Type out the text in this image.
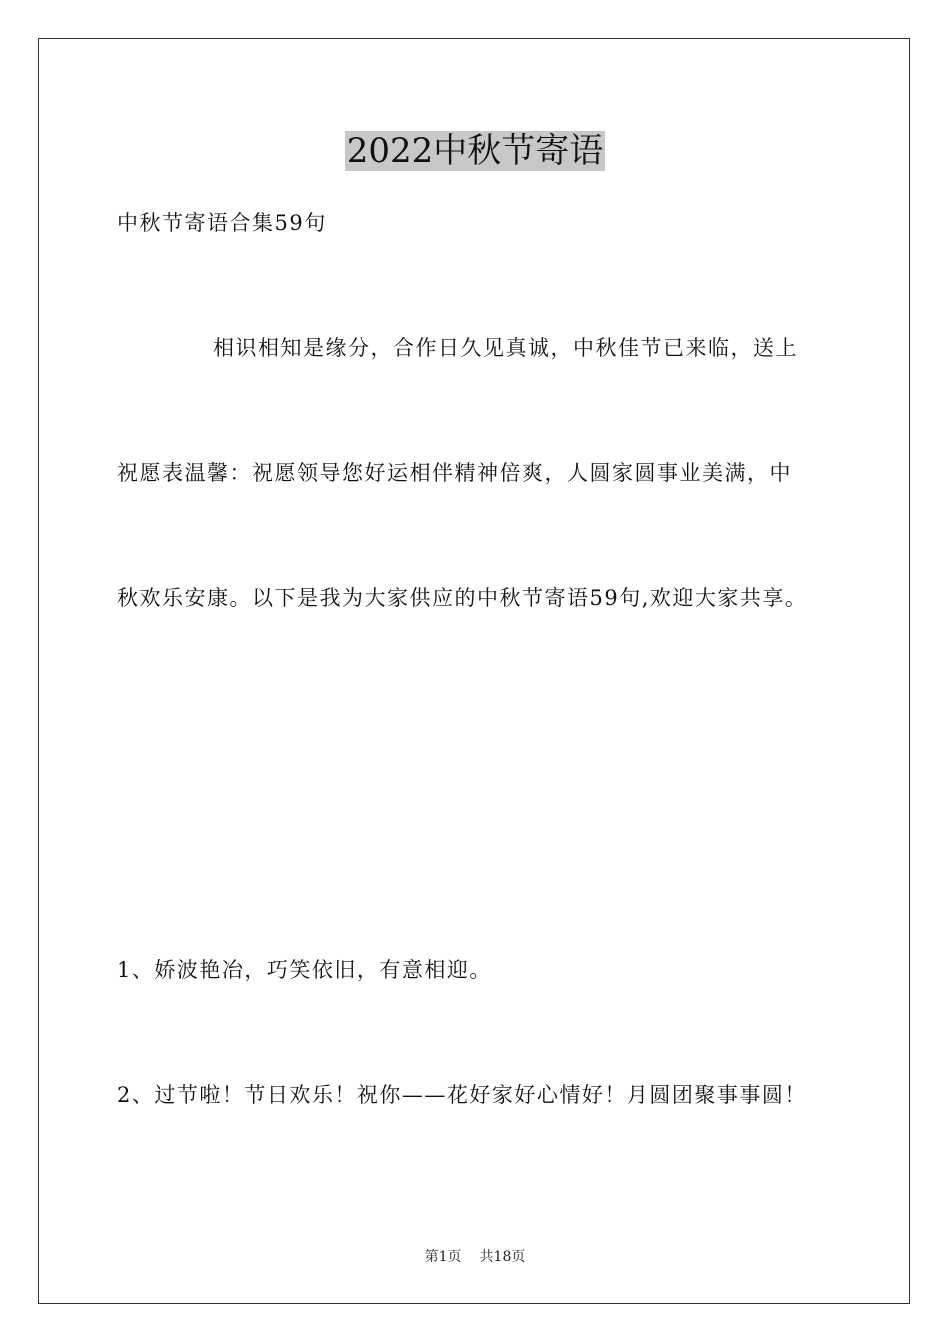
2022中秋节寄语
中秋节寄语合集59句
相识相知是缘分，合作日久见真诚，中秋佳节已来临，送上
祝愿表温馨：祝愿领导您好运相伴精神倍爽，人圆家圆事业美满，中
秋欢乐安康。以下是我为大家供应的中秋节寄语59句,欢迎大家共享。
1、娇波艳冶，巧笑依旧，有意相迎。
2、过节啦！节日欢乐！祝你——花好家好心情好！月圆团聚事事圆！
第1页 共18页
